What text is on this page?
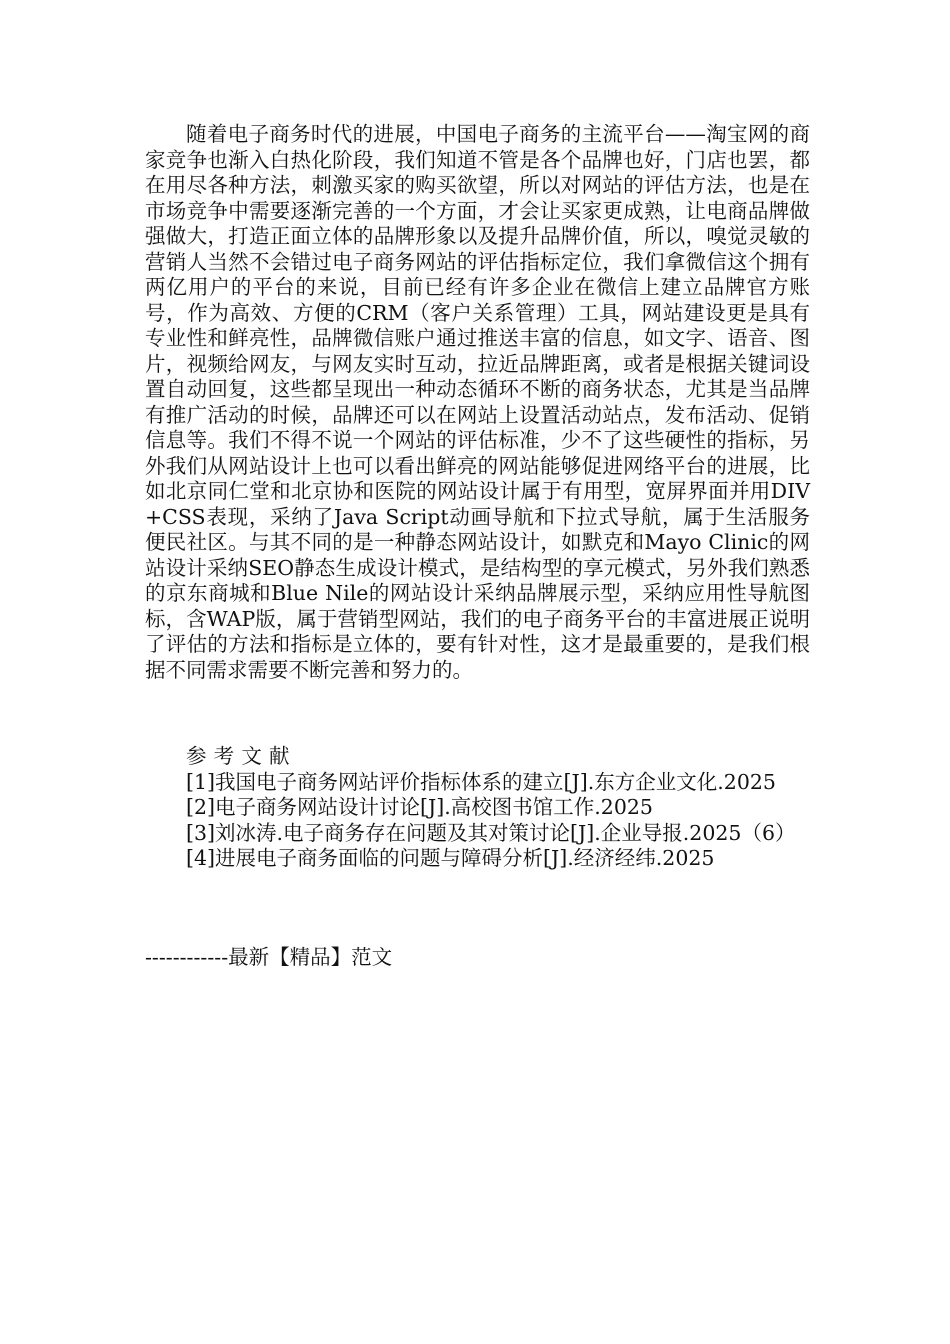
随着电子商务时代的进展，中国电子商务的主流平台——淘宝网的商家竞争也渐入白热化阶段，我们知道不管是各个品牌也好，门店也罢，都在用尽各种方法，刺激买家的购买欲望，所以对网站的评估方法，也是在市场竞争中需要逐渐完善的一个方面，才会让买家更成熟，让电商品牌做强做大，打造正面立体的品牌形象以及提升品牌价值，所以，嗅觉灵敏的营销人当然不会错过电子商务网站的评估指标定位，我们拿微信这个拥有两亿用户的平台的来说，目前已经有许多企业在微信上建立品牌官方账号，作为高效、方便的CRM（客户关系管理）工具，网站建设更是具有专业性和鲜亮性，品牌微信账户通过推送丰富的信息，如文字、语音、图片，视频给网友，与网友实时互动，拉近品牌距离，或者是根据关键词设置自动回复，这些都呈现出一种动态循环不断的商务状态，尤其是当品牌有推广活动的时候，品牌还可以在网站上设置活动站点，发布活动、促销信息等。我们不得不说一个网站的评估标准，少不了这些硬性的指标，另外我们从网站设计上也可以看出鲜亮的网站能够促进网络平台的进展，比如北京同仁堂和北京协和医院的网站设计属于有用型，宽屏界面并用DIV+CSS表现，采纳了Java Script动画导航和下拉式导航，属于生活服务便民社区。与其不同的是一种静态网站设计，如默克和Mayo Clinic的网站设计采纳SEO静态生成设计模式，是结构型的享元模式，另外我们熟悉的京东商城和Blue Nile的网站设计采纳品牌展示型，采纳应用性导航图标，含WAP版，属于营销型网站，我们的电子商务平台的丰富进展正说明了评估的方法和指标是立体的，要有针对性，这才是最重要的，是我们根据不同需求需要不断完善和努力的。

参考文献

[1]我国电子商务网站评价指标体系的建立[J].东方企业文化.2025

[2]电子商务网站设计讨论[J].高校图书馆工作.2025

[3]刘冰涛.电子商务存在问题及其对策讨论[J].企业导报.2025（6）

[4]进展电子商务面临的问题与障碍分析[J].经济经纬.2025

------------最新【精品】范文
